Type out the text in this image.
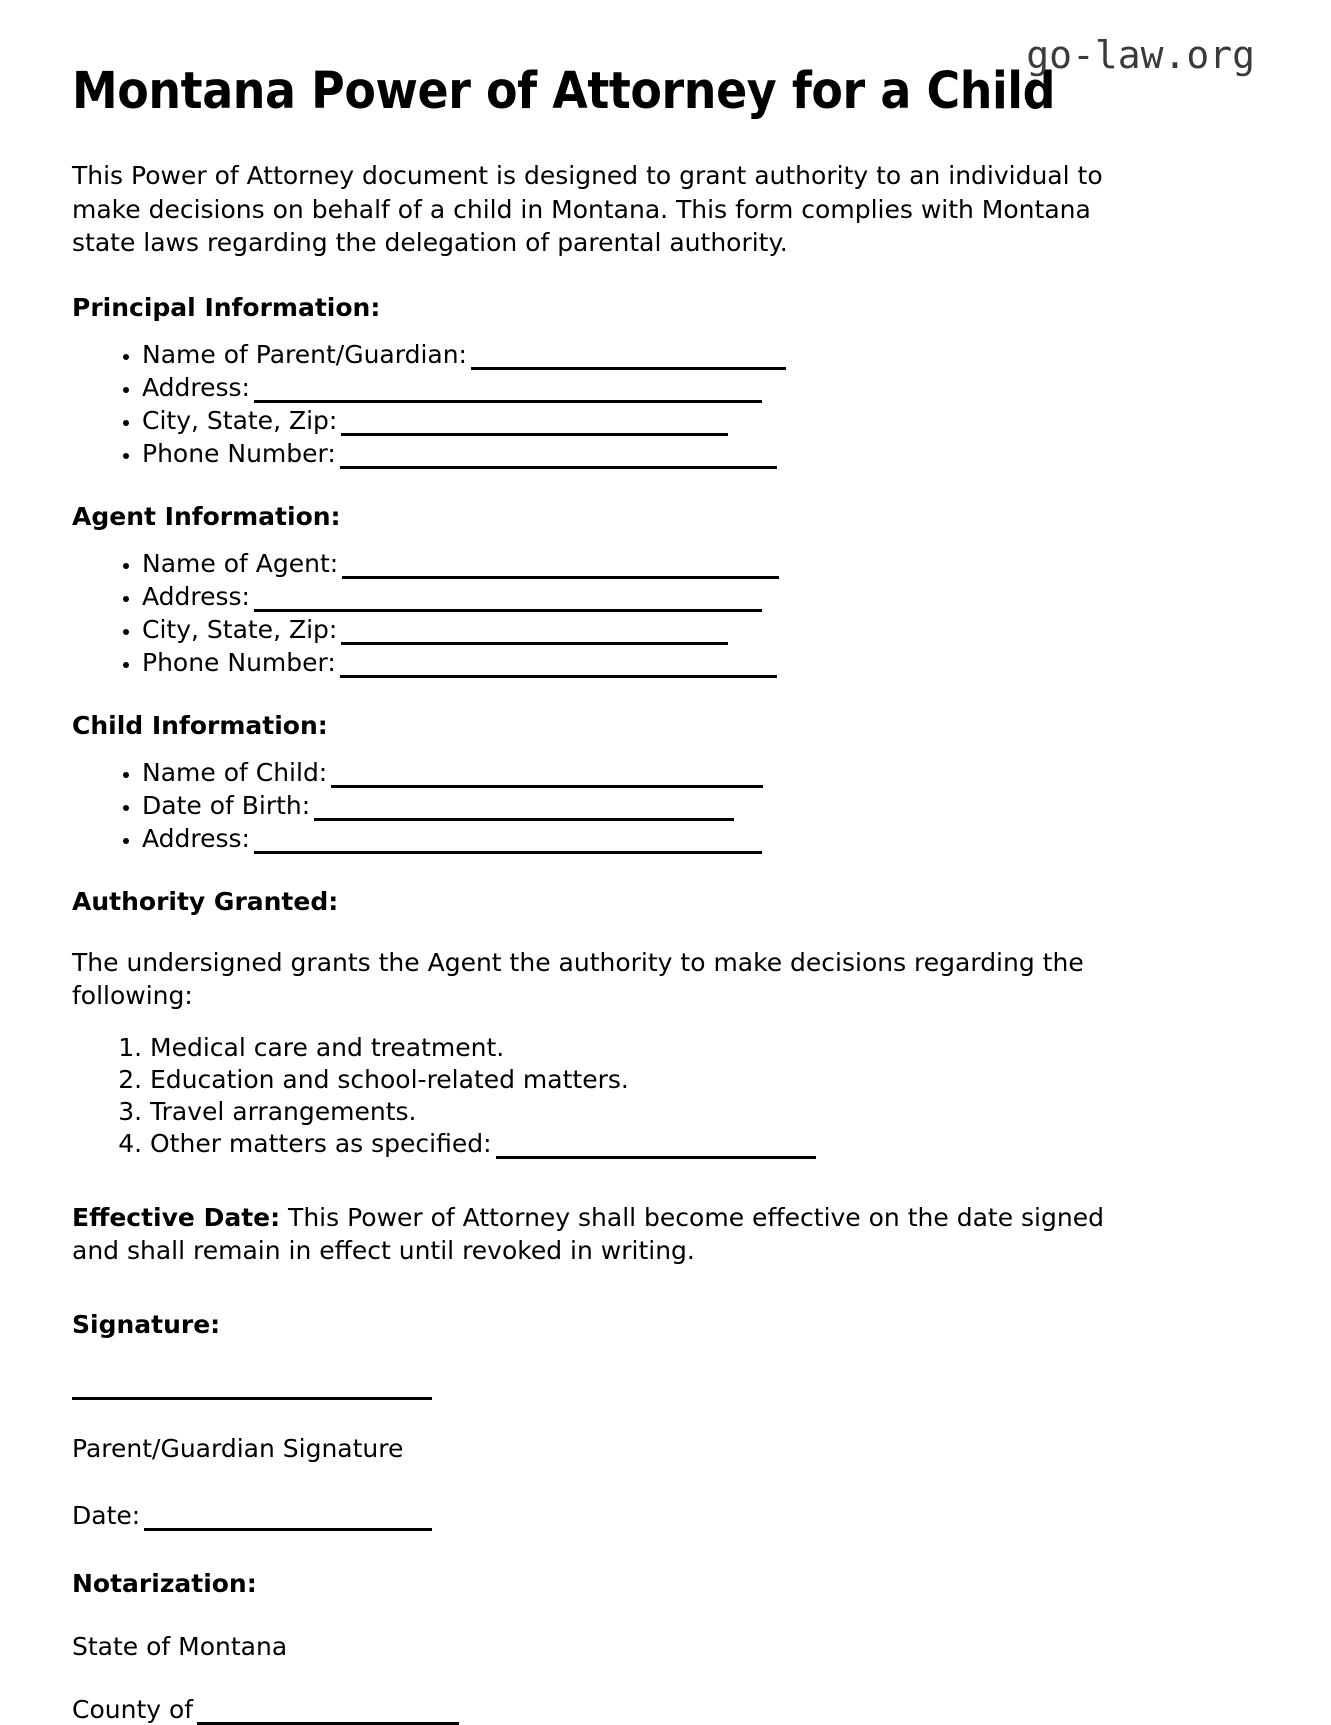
go-law.org
Montana Power of Attorney for a Child

This Power of Attorney document is designed to grant authority to an individual to make decisions on behalf of a child in Montana. This form complies with Montana state laws regarding the delegation of parental authority.

Principal Information:
• Name of Parent/Guardian:
• Address:
• City, State, Zip:
• Phone Number:
Agent Information:
• Name of Agent:
• Address:
• City, State, Zip:
• Phone Number:
Child Information:
• Name of Child:
• Date of Birth:
• Address:
Authority Granted:

The undersigned grants the Agent the authority to make decisions regarding the following:

1. Medical care and treatment.
2. Education and school-related matters.
3. Travel arrangements.
4. Other matters as specified:

Effective Date: This Power of Attorney shall become effective on the date signed and shall remain in effect until revoked in writing.

Signature:

Parent/Guardian Signature

Date:

Notarization:

State of Montana

County of
